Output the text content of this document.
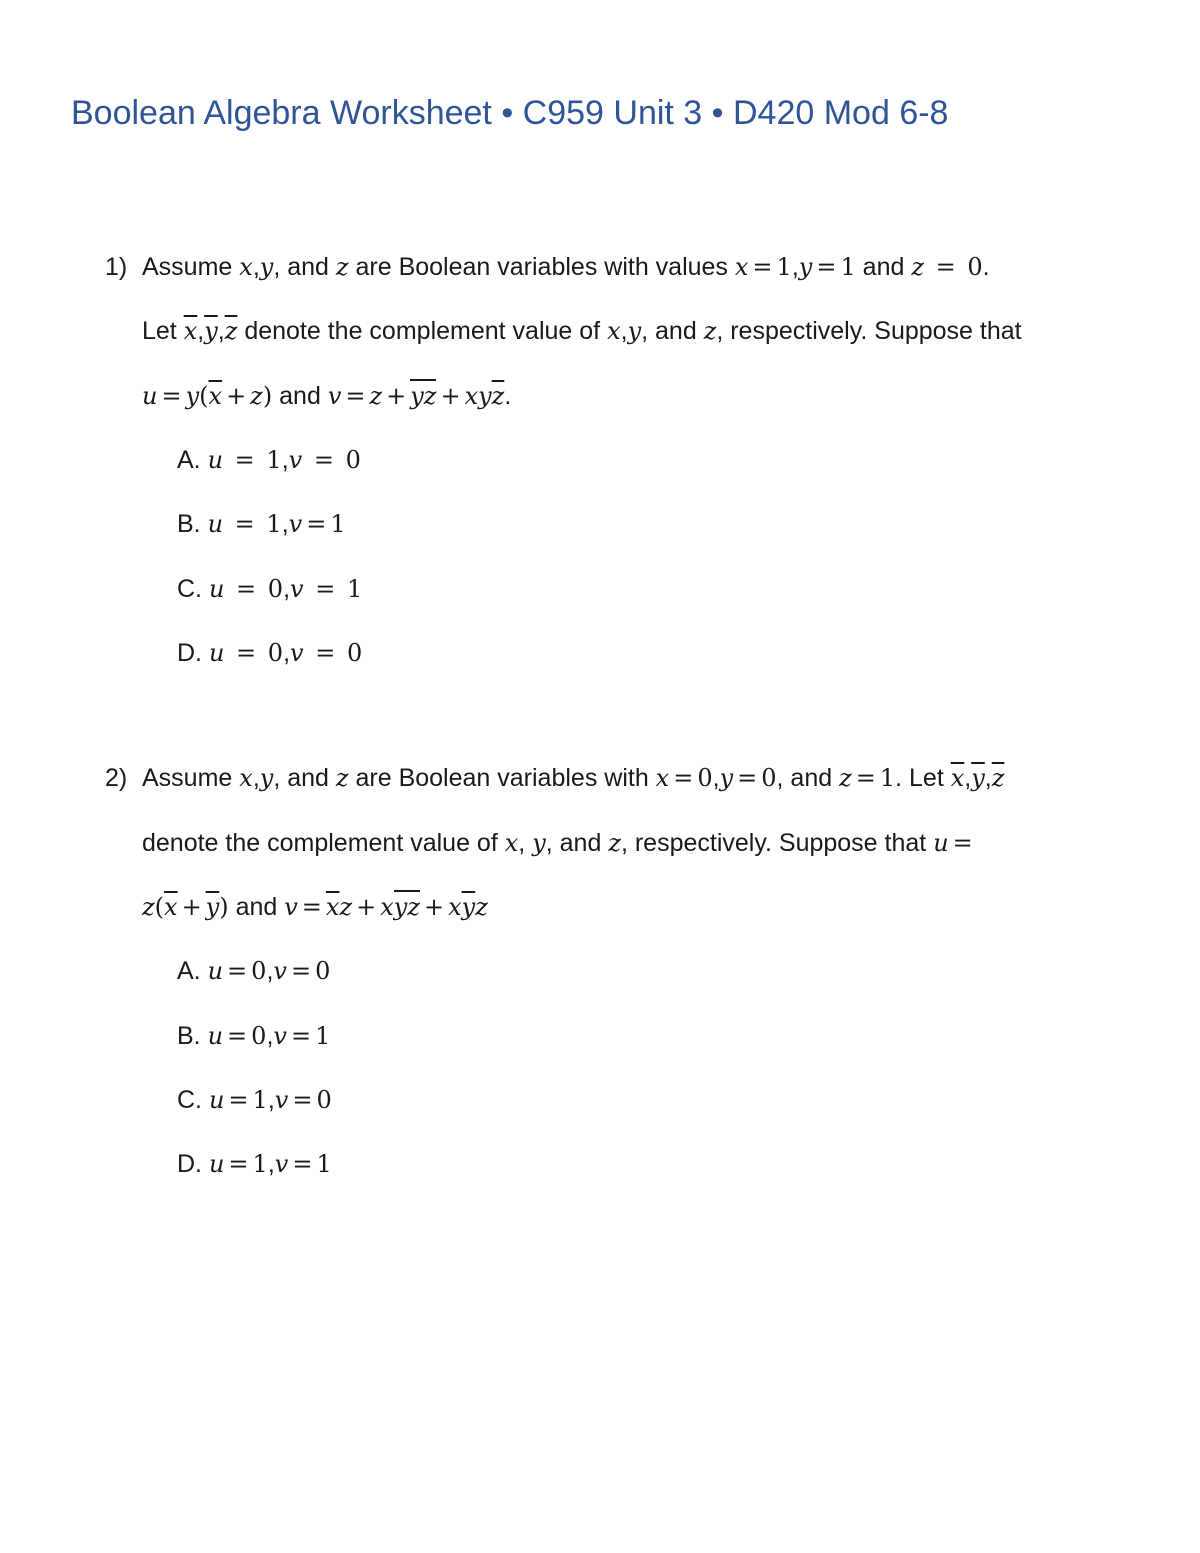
Boolean Algebra Worksheet • C959 Unit 3 • D420 Mod 6-8
1) Assume x,y, and z are Boolean variables with values x = 1,y = 1 and z = 0.
Let $\overline{x},\overline{y},\overline{z}$ denote the complement value of x,y, and z, respectively. Suppose that
$u = y(\overline{x} + z)$ and v = z + yz + $xy\overline{z}$.
A. u = 1,v = 0
B. u = 1,v = 1
C. u = 0,v = 1
D. u = 0,v = 0
2) Assume x,y, and z are Boolean variables with x = 0,y = 0, and z = 1. Let $\overline{x},\overline{y},\overline{z}$
denote the complement value of x, y, and z, respectively. Suppose that u =
$z(\overline{x} + \overline{y})$ and $v = \overline{x}z$ + xyz + $x\overline{y}z$
A. u = 0,v = 0
B. u = 0,v = 1
C. u = 1,v = 0
D. u = 1,v = 1
